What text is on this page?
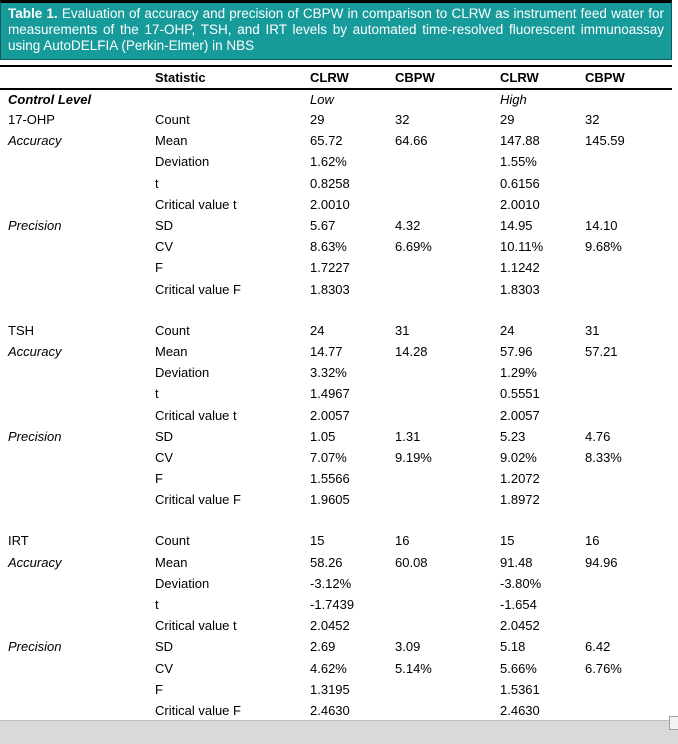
Table 1. Evaluation of accuracy and precision of CBPW in comparison to CLRW as instrument feed water for measurements of the 17-OHP, TSH, and IRT levels by automated time-resolved fluorescent immunoassay using AutoDELFIA (Perkin-Elmer) in NBS
	Statistic	CLRW	CBPW	CLRW	CBPW
Control Level		Low		High	
17-OHP	Count	29	32	29	32
Accuracy	Mean	65.72	64.66	147.88	145.59
	Deviation	1.62%		1.55%	
	t	0.8258		0.6156	
	Critical value t	2.0010		2.0010	
Precision	SD	5.67	4.32	14.95	14.10
	CV	8.63%	6.69%	10.11%	9.68%
	F	1.7227		1.1242	
	Critical value F	1.8303		1.8303	

TSH	Count	24	31	24	31
Accuracy	Mean	14.77	14.28	57.96	57.21
	Deviation	3.32%		1.29%	
	t	1.4967		0.5551	
	Critical value t	2.0057		2.0057	
Precision	SD	1.05	1.31	5.23	4.76
	CV	7.07%	9.19%	9.02%	8.33%
	F	1.5566		1.2072	
	Critical value F	1.9605		1.8972	

IRT	Count	15	16	15	16
Accuracy	Mean	58.26	60.08	91.48	94.96
	Deviation	-3.12%		-3.80%	
	t	-1.7439		-1.654	
	Critical value t	2.0452		2.0452	
Precision	SD	2.69	3.09	5.18	6.42
	CV	4.62%	5.14%	5.66%	6.76%
	F	1.3195		1.5361	
	Critical value F	2.4630		2.4630	
